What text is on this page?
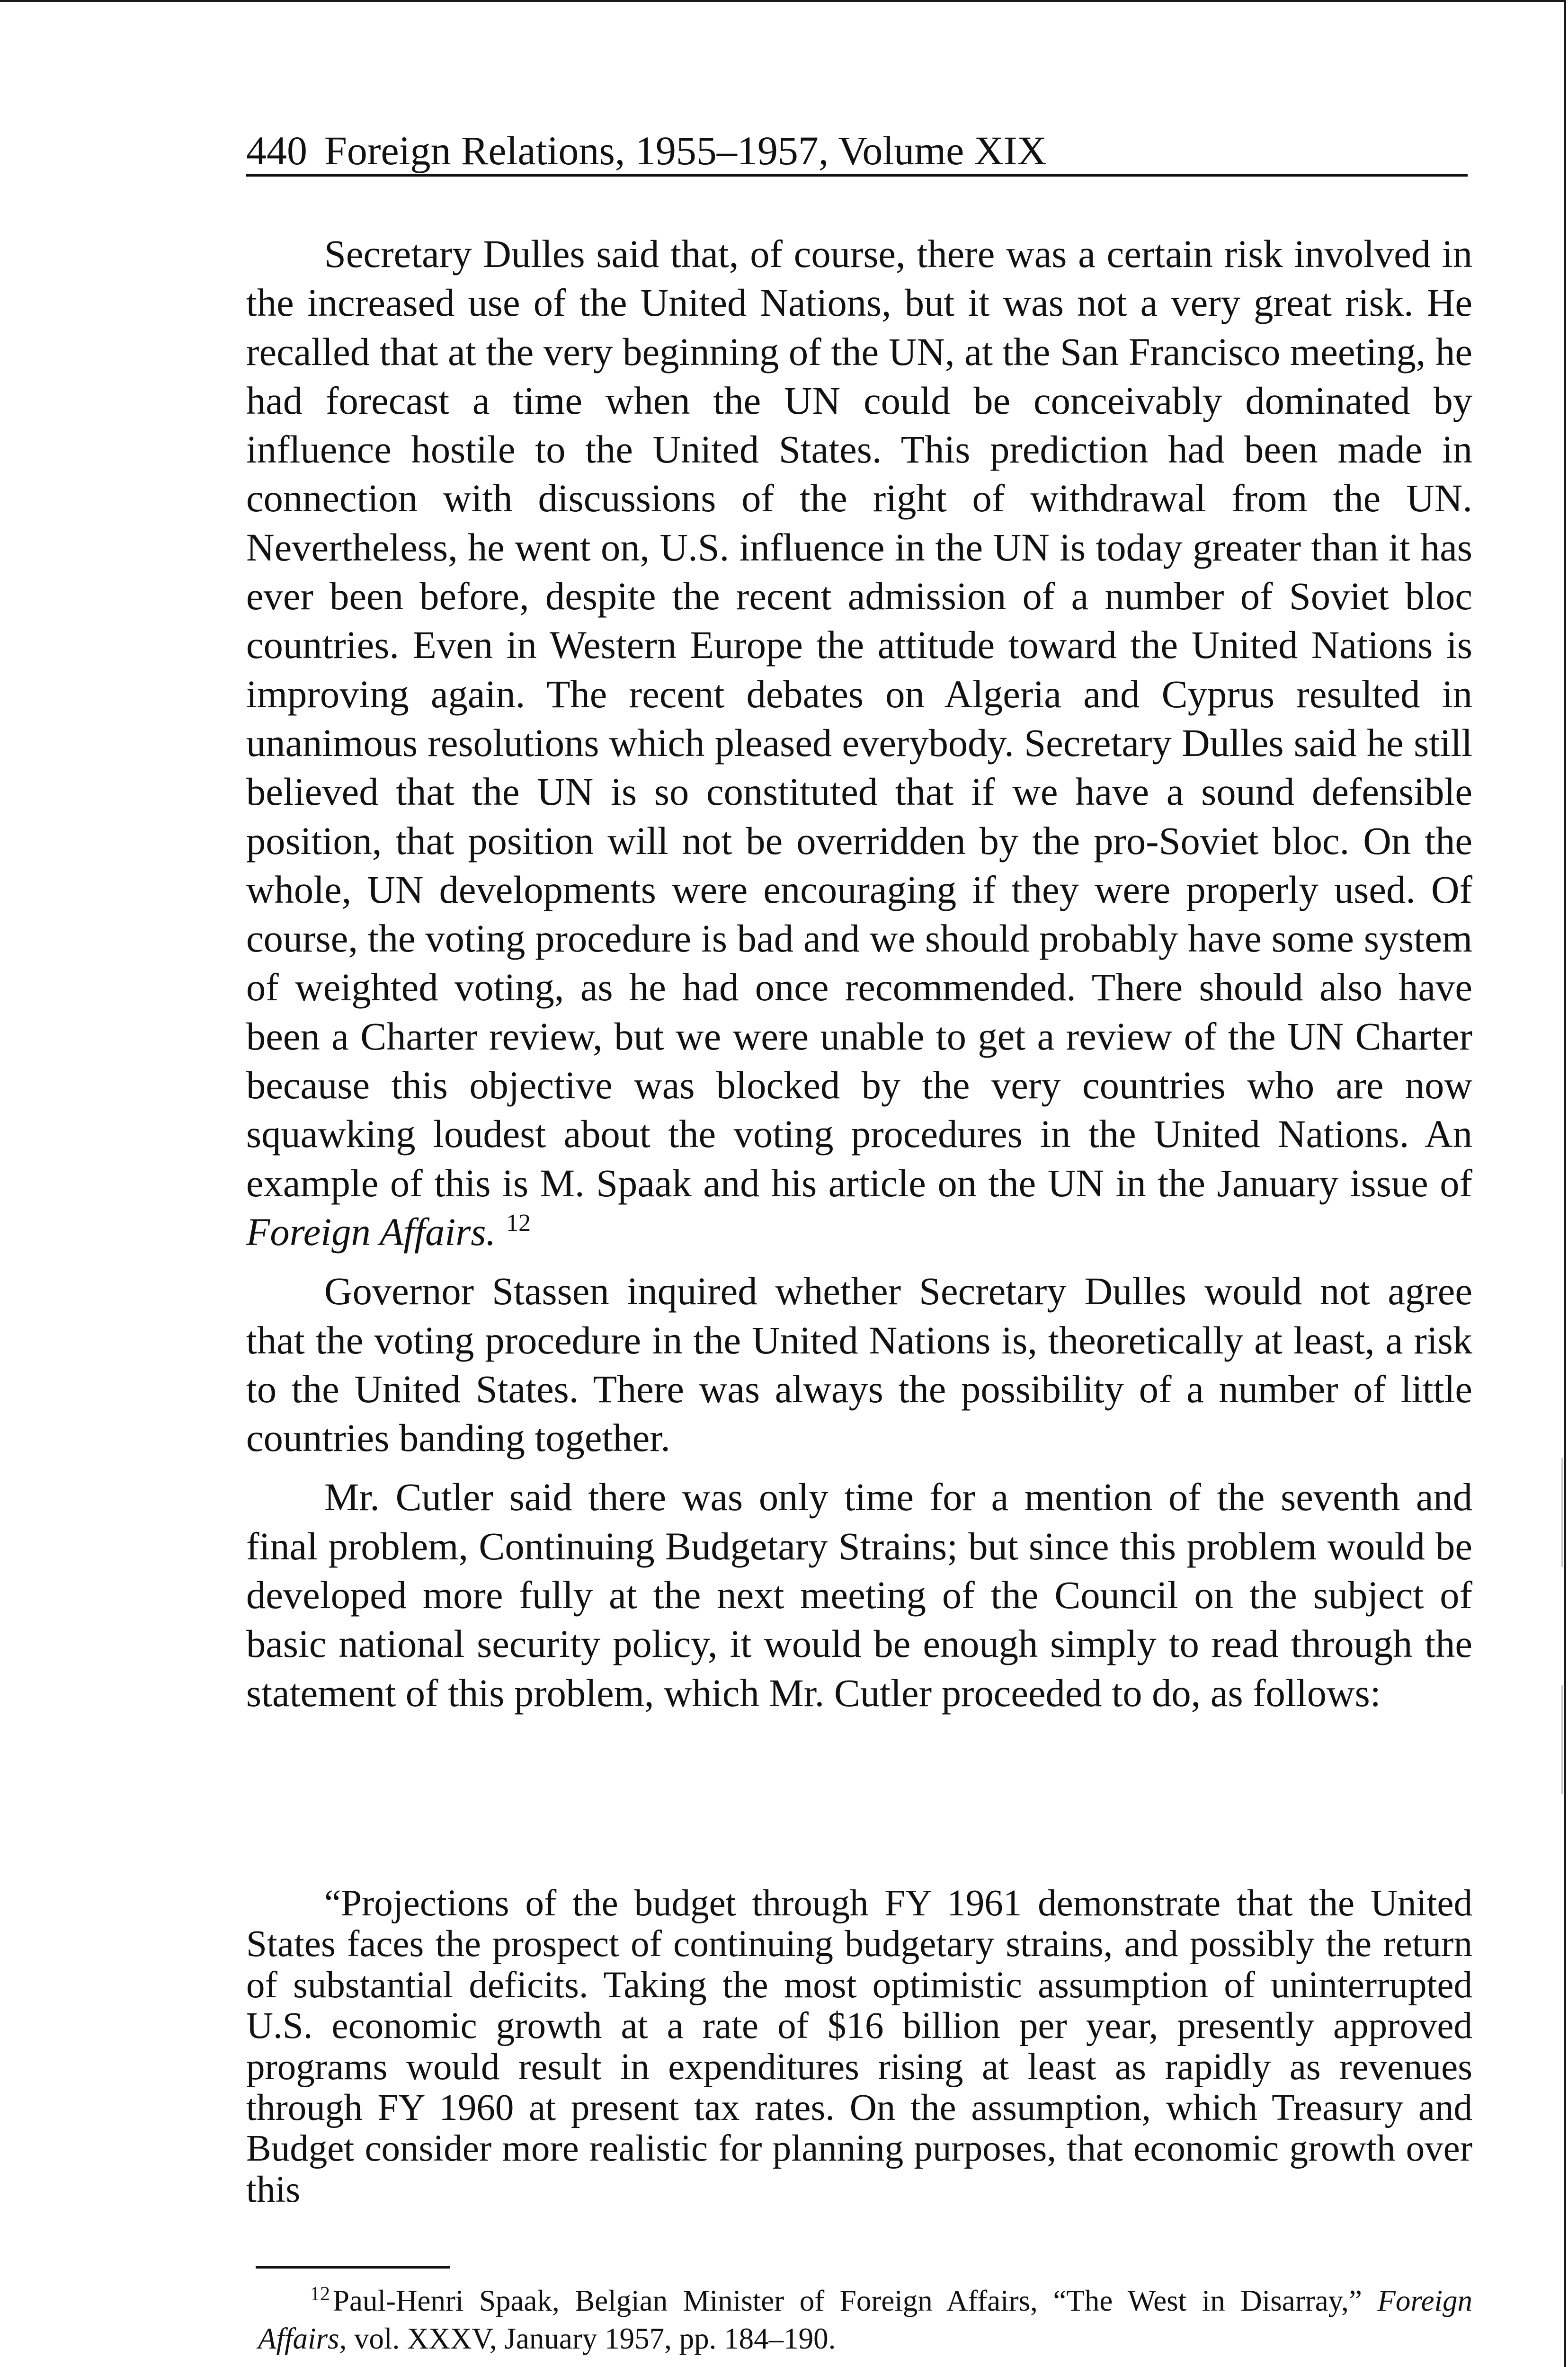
440 Foreign Relations, 1955–1957, Volume XIX

Secretary Dulles said that, of course, there was a certain risk involved in the increased use of the United Nations, but it was not a very great risk. He recalled that at the very beginning of the UN, at the San Francisco meeting, he had forecast a time when the UN could be conceivably dominated by influence hostile to the United States. This prediction had been made in connection with discussions of the right of withdrawal from the UN. Nevertheless, he went on, U.S. influence in the UN is today greater than it has ever been before, despite the recent admission of a number of Soviet bloc countries. Even in Western Europe the attitude toward the United Nations is improving again. The recent debates on Algeria and Cyprus resulted in unanimous resolutions which pleased everybody. Secretary Dulles said he still believed that the UN is so constituted that if we have a sound defensible position, that position will not be overridden by the pro-Soviet bloc. On the whole, UN developments were encouraging if they were properly used. Of course, the voting procedure is bad and we should probably have some system of weighted voting, as he had once recommended. There should also have been a Charter review, but we were unable to get a review of the UN Charter because this objective was blocked by the very countries who are now squawking loudest about the voting procedures in the United Nations. An example of this is M. Spaak and his article on the UN in the January issue of Foreign Affairs. $^{12}$

Governor Stassen inquired whether Secretary Dulles would not agree that the voting procedure in the United Nations is, theoretically at least, a risk to the United States. There was always the possibility of a number of little countries banding together.

Mr. Cutler said there was only time for a mention of the seventh and final problem, Continuing Budgetary Strains; but since this problem would be developed more fully at the next meeting of the Council on the subject of basic national security policy, it would be enough simply to read through the statement of this problem, which Mr. Cutler proceeded to do, as follows:

“Projections of the budget through FY 1961 demonstrate that the United States faces the prospect of continuing budgetary strains, and possibly the return of substantial deficits. Taking the most optimistic assumption of uninterrupted U.S. economic growth at a rate of $16 billion per year, presently approved programs would result in expenditures rising at least as rapidly as revenues through FY 1960 at present tax rates. On the assumption, which Treasury and Budget consider more realistic for planning purposes, that economic growth over this

$^{12}$Paul-Henri Spaak, Belgian Minister of Foreign Affairs, “The West in Disarray,” Foreign Affairs, vol. XXXV, January 1957, pp. 184–190.
